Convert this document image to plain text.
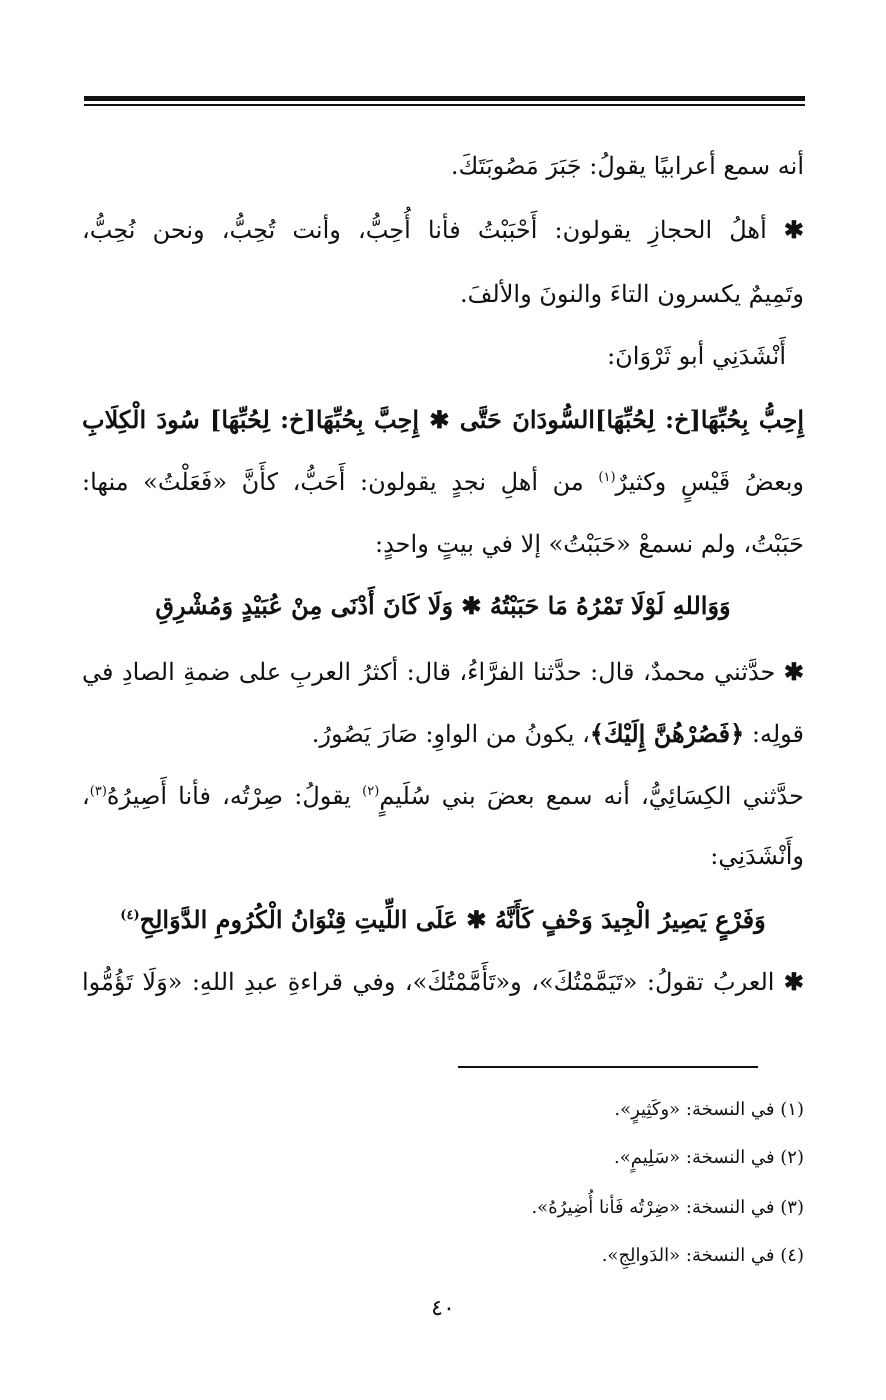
أنه سمع أعرابيًا يقولُ: جَبَرَ مَصُوبَتَكَ.
✱ أهلُ الحجازِ يقولون: أَحْبَبْتُ فأنا أُحِبُّ، وأنت تُحِبُّ، ونحن نُحِبُّ،
وتَمِيمٌ يكسرون التاءَ والنونَ والألفَ.
أَنْشَدَنِي أبو ثَرْوَانَ:
إِحِبُّ بِحُبِّهَا[خ: لِحُبِّهَا]السُّودَانَ حَتَّى ✱ إِحِبَّ بِحُبِّهَا[خ: لِحُبِّهَا] سُودَ الْكِلَابِ
وبعضُ قَيْسٍ وكثيرٌ$^{(١)}$ من أهلِ نجدٍ يقولون: أَحَبُّ، كأَنَّ «فَعَلْتُ» منها:
حَبَبْتُ، ولم نسمعْ «حَبَبْتُ» إلا في بيتٍ واحدٍ:
وَوَاللهِ لَوْلَا تَمْرُهُ مَا حَبَبْتُهُ ✱ وَلَا كَانَ أَدْنَى مِنْ عُبَيْدٍ وَمُشْرِقِ
✱ حدَّثني محمدٌ، قال: حدَّثنا الفرَّاءُ، قال: أكثرُ العربِ على ضمةِ الصادِ في
قولِه: ﴿فَصُرْهُنَّ إِلَيْكَ﴾، يكونُ من الواوِ: صَارَ يَصُورُ.
حدَّثني الكِسَائِيُّ، أنه سمع بعضَ بني سُلَيمٍ$^{(٢)}$ يقولُ: صِرْتُه، فأنا أَصِيرُهُ$^{(٣)}$،
وأَنْشَدَنِي:
وَفَرْعٍ يَصِيرُ الْجِيدَ وَحْفٍ كَأَنَّهُ ✱ عَلَى اللِّيتِ قِنْوَانُ الْكُرُومِ الدَّوَالِحِ$^{(٤)}$
✱ العربُ تقولُ: «تَيَمَّمْتُكَ»، و«تَأَمَّمْتُكَ»، وفي قراءةِ عبدِ اللهِ: «وَلَا تَؤُمُّوا
(١) في النسخة: «وكَثِيرٍ».
(٢) في النسخة: «سَلِيمٍ».
(٣) في النسخة: «ضِرْتُه فَأنا أُضِيرُهُ».
(٤) في النسخة: «الدَوالِجِ».
٤٠
